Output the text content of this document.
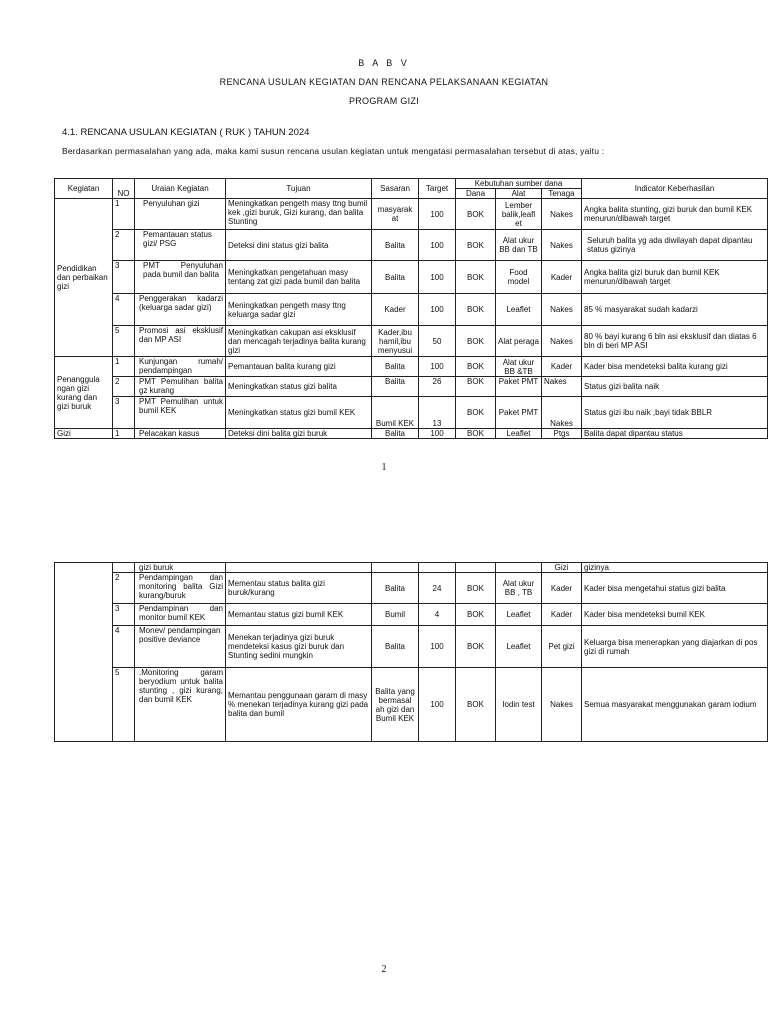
B A B V
RENCANA USULAN KEGIATAN DAN RENCANA PELAKSANAAN KEGIATAN
PROGRAM GIZI
4.1. RENCANA USULAN KEGIATAN ( RUK ) TAHUN 2024
Berdasarkan permasalahan yang ada, maka kami susun rencana usulan kegiatan untuk mengatasi permasalahan tersebut di atas, yaitu :
Kegiatan	NO	Uraian Kegiatan	Tujuan	Sasaran	Target	Kebutuhan sumber dana			Indicator Keberhasilan
						Dana	Alat	Tenaga	
Pendidikan dan perbaikan gizi	1	Penyuluhan gizi	Meningkatkan pengeth masy ttng bumil kek ,gizi buruk, Gizi kurang, dan balita Stunting	masyarak at	100	BOK	Lember balik,leafl et	Nakes	Angka balita stunting, gizi buruk dan bumil KEK menurun/dibawah target
	2	Pemantauan status gizi/ PSG	Deteksi dini status gizi balita	Balita	100	BOK	Alat ukur BB dan TB	Nakes	Seluruh balita yg ada diwilayah dapat dipantau status gizinya
	3	PMT Penyuluhan pada bumil dan balita	Meningkatkan pengetahuan masy tentang zat gizi pada bumil dan balita	Balita	100	BOK	Food model	Kader	Angka balita gizi buruk dan bumil KEK menurun/dibawah target
	4	Penggerakan kadarzi (keluarga sadar gizi)	Meningkatkan pengeth masy ttng keluarga sadar gizi	Kader	100	BOK	Leaflet	Nakes	85 % masyarakat sudah kadarzi
	5	Promosi asi eksklusif dan MP ASI	Meningkatkan cakupan asi eksklusif dan mencagah terjadinya balita kurang gizi	Kader,ibu hamil,ibu menyusui	50	BOK	Alat peraga	Nakes	80 % bayi kurang 6 bln asi eksklusif dan diatas 6 bln di beri MP ASI
Penanggula ngan gizi kurang dan gizi buruk	1	Kunjungan rumah/ pendampingan	Pemantauan balita kurang gizi	Balita	100	BOK	Alat ukur BB &TB	Kader	Kader bisa mendeteksi balita kurang gizi
	2	PMT Pemulihan balita gz kurang	Meningkatkan status gizi balita	Balita	26	BOK	Paket PMT	Nakes	Status gizi balita naik
	3	PMT Pemulihan untuk bumil KEK	Meningkatkan status gizi bumil KEK	Bumil KEK	13	BOK	Paket PMT	Nakes	Status gizi ibu naik ,bayi tidak BBLR
Gizi	1	Pelacakan kasus	Deteksi dini balita gizi buruk	Balita	100	BOK	Leaflet	Ptgs	Balita dapat dipantau status
1
		gizi buruk						Gizi	gizinya
	2	Pendampingan dan monitoring balita Gizi kurang/buruk	Mementau status balita gizi buruk/kurang	Balita	24	BOK	Alat ukur BB , TB	Kader	Kader bisa mengetahui status gizi balita
	3	Pendampinan dan monitor bumil KEK	Memantau status gizi bumil KEK	Bumil	4	BOK	Leaflet	Kader	Kader bisa mendeteksi bumil KEK
	4	Monev/ pendampingan positive deviance	Menekan terjadinya gizi buruk mendeteksi kasus gizi buruk dan Stunting sedini mungkin	Balita	100	BOK	Leaflet	Pet gizi	Keluarga bisa menerapkan yang diajarkan di pos gizi di rumah
	5	.Monitoring garam beryodium untuk balita stunting , gizi kurang, dan bumil KEK	Memantau penggunaan garam di masy % menekan terjadinya kurang gizi pada balita dan bumil	Balita yang bermasal ah gizi dan Bumil KEK	100	BOK	Iodin test	Nakes	Semua masyarakat menggunakan garam iodium
2
